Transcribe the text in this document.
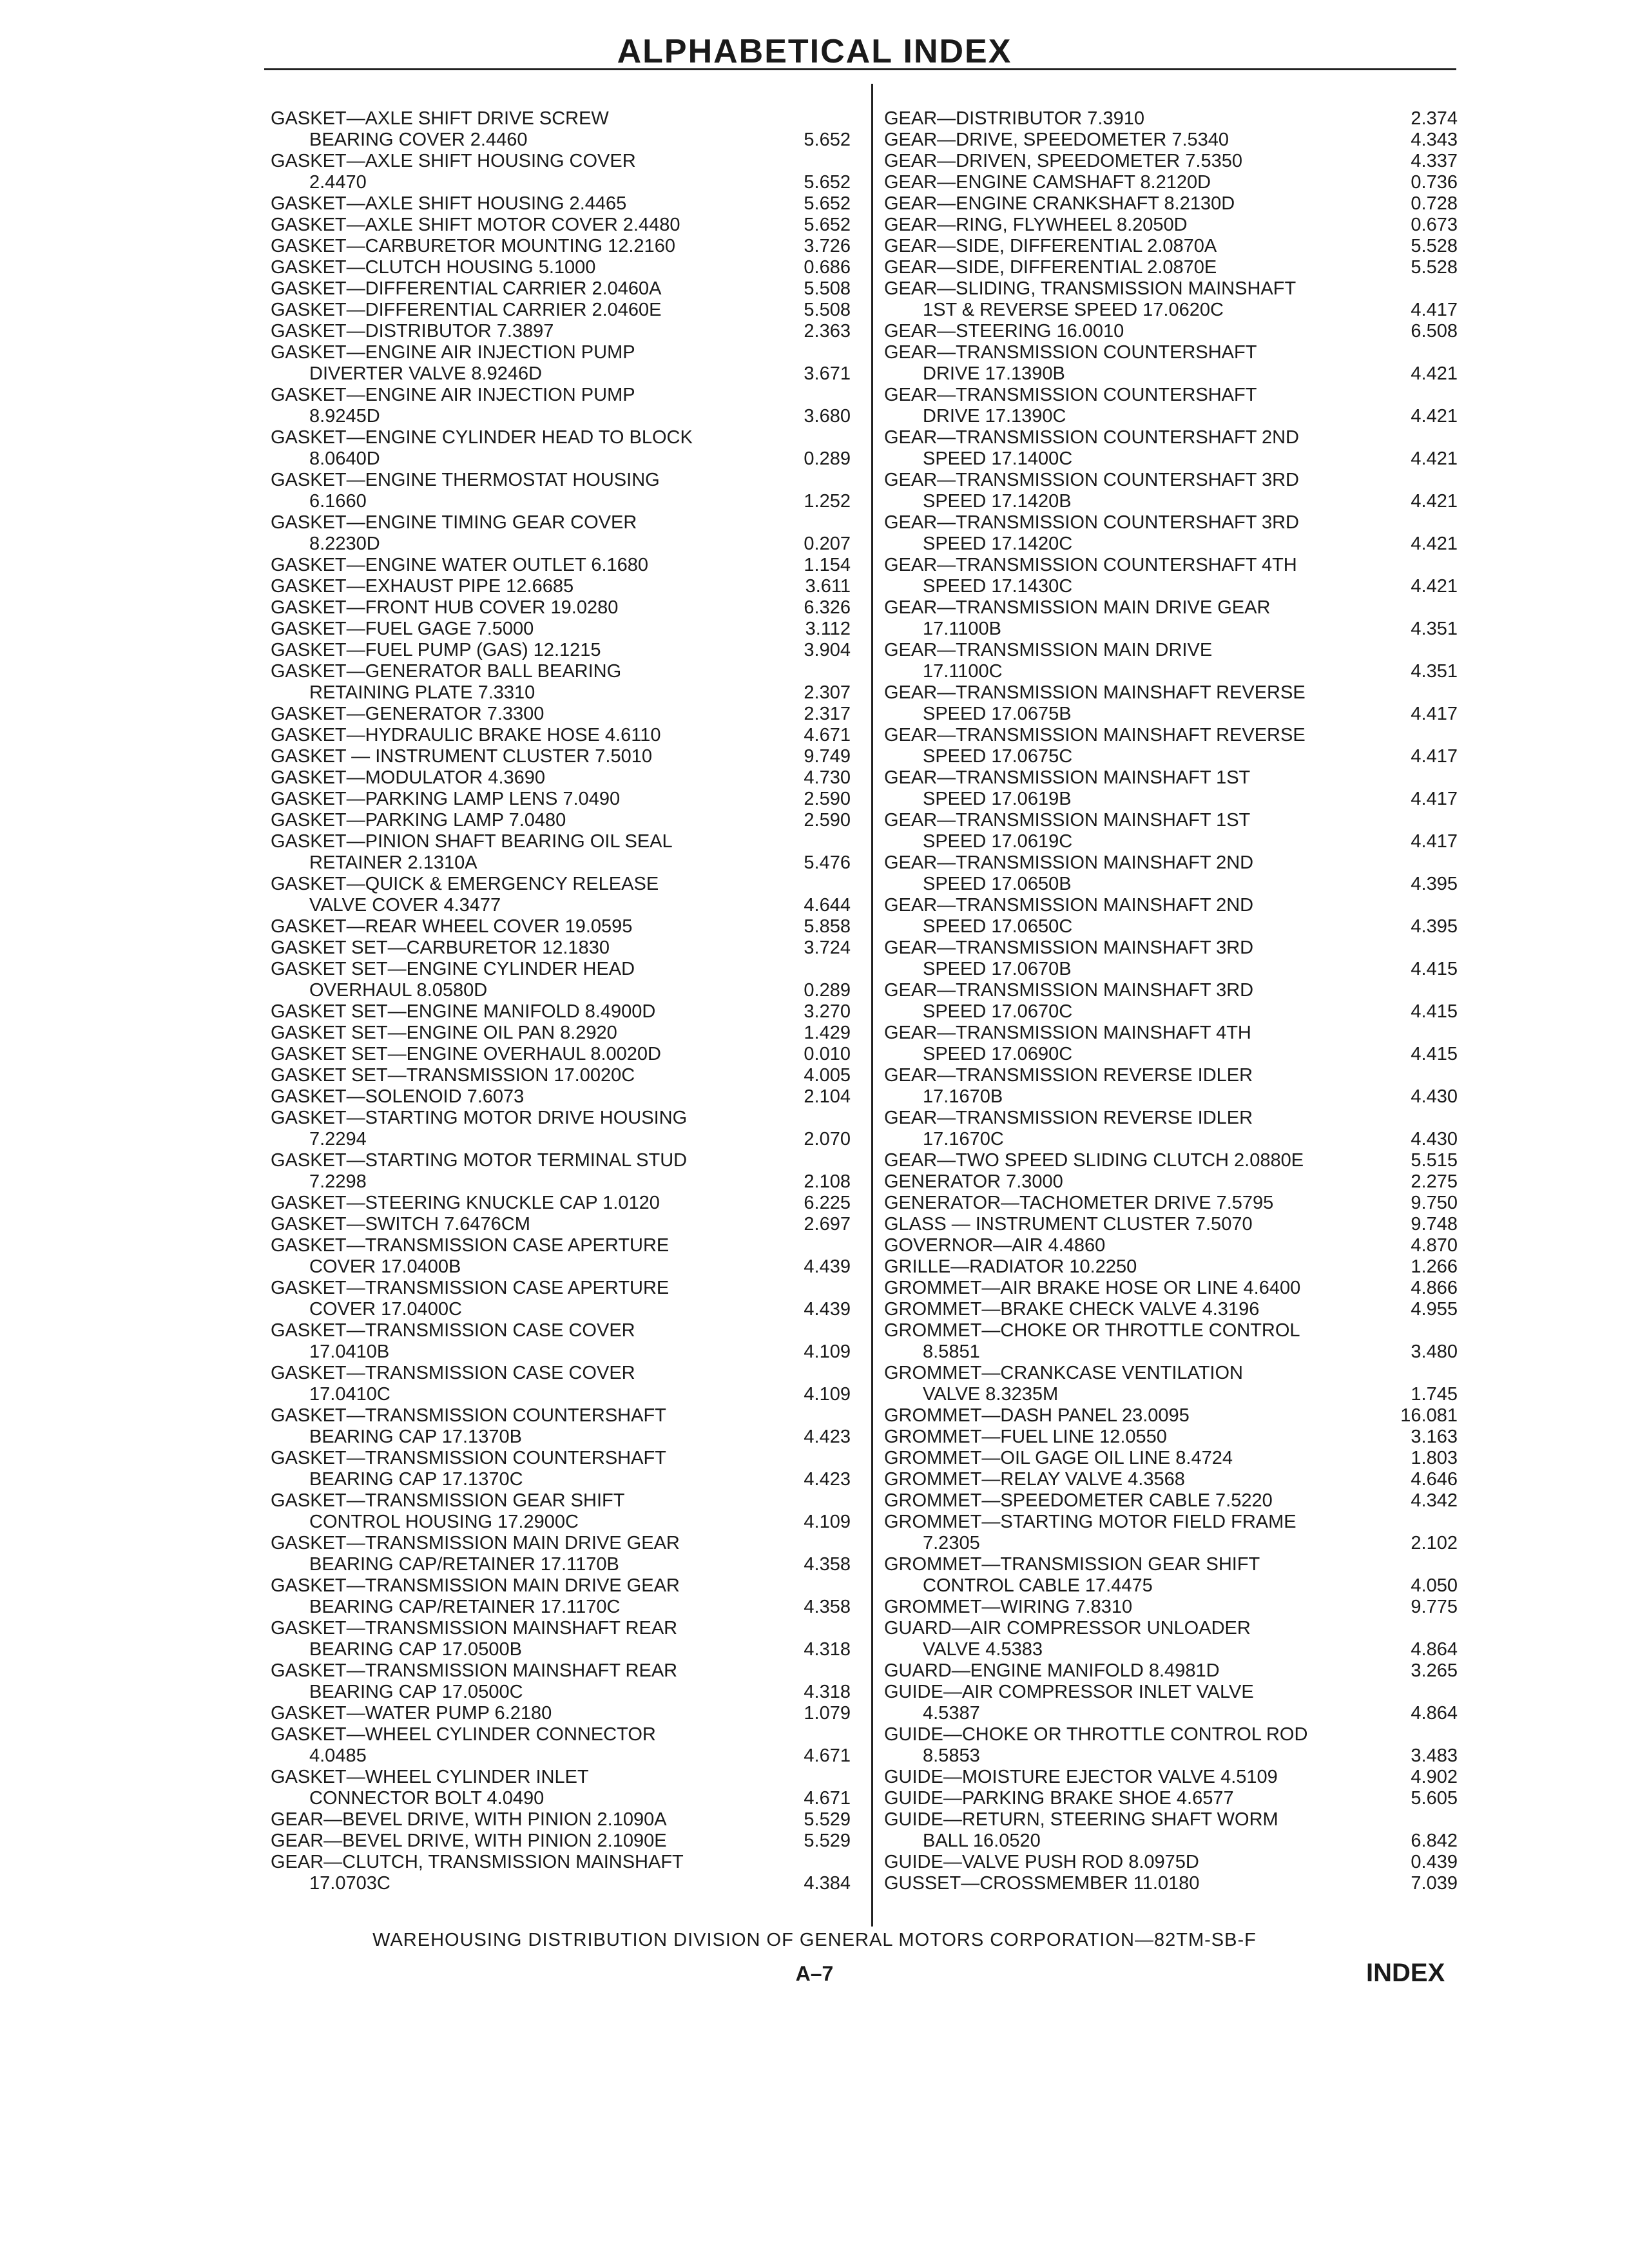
ALPHABETICAL INDEX
GASKET—AXLE SHIFT DRIVE SCREW
BEARING COVER 2.4460	5.652
GASKET—AXLE SHIFT HOUSING COVER
2.4470	5.652
GASKET—AXLE SHIFT HOUSING 2.4465	5.652
GASKET—AXLE SHIFT MOTOR COVER 2.4480	5.652
GASKET—CARBURETOR MOUNTING 12.2160	3.726
GASKET—CLUTCH HOUSING 5.1000	0.686
GASKET—DIFFERENTIAL CARRIER 2.0460A	5.508
GASKET—DIFFERENTIAL CARRIER 2.0460E	5.508
GASKET—DISTRIBUTOR 7.3897	2.363
GASKET—ENGINE AIR INJECTION PUMP
DIVERTER VALVE 8.9246D	3.671
GASKET—ENGINE AIR INJECTION PUMP
8.9245D	3.680
GASKET—ENGINE CYLINDER HEAD TO BLOCK
8.0640D	0.289
GASKET—ENGINE THERMOSTAT HOUSING
6.1660	1.252
GASKET—ENGINE TIMING GEAR COVER
8.2230D	0.207
GASKET—ENGINE WATER OUTLET 6.1680	1.154
GASKET—EXHAUST PIPE 12.6685	3.611
GASKET—FRONT HUB COVER 19.0280	6.326
GASKET—FUEL GAGE 7.5000	3.112
GASKET—FUEL PUMP (GAS) 12.1215	3.904
GASKET—GENERATOR BALL BEARING
RETAINING PLATE 7.3310	2.307
GASKET—GENERATOR 7.3300	2.317
GASKET—HYDRAULIC BRAKE HOSE 4.6110	4.671
GASKET — INSTRUMENT CLUSTER 7.5010	9.749
GASKET—MODULATOR 4.3690	4.730
GASKET—PARKING LAMP LENS 7.0490	2.590
GASKET—PARKING LAMP 7.0480	2.590
GASKET—PINION SHAFT BEARING OIL SEAL
RETAINER 2.1310A	5.476
GASKET—QUICK & EMERGENCY RELEASE
VALVE COVER 4.3477	4.644
GASKET—REAR WHEEL COVER 19.0595	5.858
GASKET SET—CARBURETOR 12.1830	3.724
GASKET SET—ENGINE CYLINDER HEAD
OVERHAUL 8.0580D	0.289
GASKET SET—ENGINE MANIFOLD 8.4900D	3.270
GASKET SET—ENGINE OIL PAN 8.2920	1.429
GASKET SET—ENGINE OVERHAUL 8.0020D	0.010
GASKET SET—TRANSMISSION 17.0020C	4.005
GASKET—SOLENOID 7.6073	2.104
GASKET—STARTING MOTOR DRIVE HOUSING
7.2294	2.070
GASKET—STARTING MOTOR TERMINAL STUD
7.2298	2.108
GASKET—STEERING KNUCKLE CAP 1.0120	6.225
GASKET—SWITCH 7.6476CM	2.697
GASKET—TRANSMISSION CASE APERTURE
COVER 17.0400B	4.439
GASKET—TRANSMISSION CASE APERTURE
COVER 17.0400C	4.439
GASKET—TRANSMISSION CASE COVER
17.0410B	4.109
GASKET—TRANSMISSION CASE COVER
17.0410C	4.109
GASKET—TRANSMISSION COUNTERSHAFT
BEARING CAP 17.1370B	4.423
GASKET—TRANSMISSION COUNTERSHAFT
BEARING CAP 17.1370C	4.423
GASKET—TRANSMISSION GEAR SHIFT
CONTROL HOUSING 17.2900C	4.109
GASKET—TRANSMISSION MAIN DRIVE GEAR
BEARING CAP/RETAINER 17.1170B	4.358
GASKET—TRANSMISSION MAIN DRIVE GEAR
BEARING CAP/RETAINER 17.1170C	4.358
GASKET—TRANSMISSION MAINSHAFT REAR
BEARING CAP 17.0500B	4.318
GASKET—TRANSMISSION MAINSHAFT REAR
BEARING CAP 17.0500C	4.318
GASKET—WATER PUMP 6.2180	1.079
GASKET—WHEEL CYLINDER CONNECTOR
4.0485	4.671
GASKET—WHEEL CYLINDER INLET
CONNECTOR BOLT 4.0490	4.671
GEAR—BEVEL DRIVE, WITH PINION 2.1090A	5.529
GEAR—BEVEL DRIVE, WITH PINION 2.1090E	5.529
GEAR—CLUTCH, TRANSMISSION MAINSHAFT
17.0703C	4.384
GEAR—DISTRIBUTOR 7.3910	2.374
GEAR—DRIVE, SPEEDOMETER 7.5340	4.343
GEAR—DRIVEN, SPEEDOMETER 7.5350	4.337
GEAR—ENGINE CAMSHAFT 8.2120D	0.736
GEAR—ENGINE CRANKSHAFT 8.2130D	0.728
GEAR—RING, FLYWHEEL 8.2050D	0.673
GEAR—SIDE, DIFFERENTIAL 2.0870A	5.528
GEAR—SIDE, DIFFERENTIAL 2.0870E	5.528
GEAR—SLIDING, TRANSMISSION MAINSHAFT
1ST & REVERSE SPEED 17.0620C	4.417
GEAR—STEERING 16.0010	6.508
GEAR—TRANSMISSION COUNTERSHAFT
DRIVE 17.1390B	4.421
GEAR—TRANSMISSION COUNTERSHAFT
DRIVE 17.1390C	4.421
GEAR—TRANSMISSION COUNTERSHAFT 2ND
SPEED 17.1400C	4.421
GEAR—TRANSMISSION COUNTERSHAFT 3RD
SPEED 17.1420B	4.421
GEAR—TRANSMISSION COUNTERSHAFT 3RD
SPEED 17.1420C	4.421
GEAR—TRANSMISSION COUNTERSHAFT 4TH
SPEED 17.1430C	4.421
GEAR—TRANSMISSION MAIN DRIVE GEAR
17.1100B	4.351
GEAR—TRANSMISSION MAIN DRIVE
17.1100C	4.351
GEAR—TRANSMISSION MAINSHAFT REVERSE
SPEED 17.0675B	4.417
GEAR—TRANSMISSION MAINSHAFT REVERSE
SPEED 17.0675C	4.417
GEAR—TRANSMISSION MAINSHAFT 1ST
SPEED 17.0619B	4.417
GEAR—TRANSMISSION MAINSHAFT 1ST
SPEED 17.0619C	4.417
GEAR—TRANSMISSION MAINSHAFT 2ND
SPEED 17.0650B	4.395
GEAR—TRANSMISSION MAINSHAFT 2ND
SPEED 17.0650C	4.395
GEAR—TRANSMISSION MAINSHAFT 3RD
SPEED 17.0670B	4.415
GEAR—TRANSMISSION MAINSHAFT 3RD
SPEED 17.0670C	4.415
GEAR—TRANSMISSION MAINSHAFT 4TH
SPEED 17.0690C	4.415
GEAR—TRANSMISSION REVERSE IDLER
17.1670B	4.430
GEAR—TRANSMISSION REVERSE IDLER
17.1670C	4.430
GEAR—TWO SPEED SLIDING CLUTCH 2.0880E	5.515
GENERATOR 7.3000	2.275
GENERATOR—TACHOMETER DRIVE 7.5795	9.750
GLASS — INSTRUMENT CLUSTER 7.5070	9.748
GOVERNOR—AIR 4.4860	4.870
GRILLE—RADIATOR 10.2250	1.266
GROMMET—AIR BRAKE HOSE OR LINE 4.6400	4.866
GROMMET—BRAKE CHECK VALVE 4.3196	4.955
GROMMET—CHOKE OR THROTTLE CONTROL
8.5851	3.480
GROMMET—CRANKCASE VENTILATION
VALVE 8.3235M	1.745
GROMMET—DASH PANEL 23.0095	16.081
GROMMET—FUEL LINE 12.0550	3.163
GROMMET—OIL GAGE OIL LINE 8.4724	1.803
GROMMET—RELAY VALVE 4.3568	4.646
GROMMET—SPEEDOMETER CABLE 7.5220	4.342
GROMMET—STARTING MOTOR FIELD FRAME
7.2305	2.102
GROMMET—TRANSMISSION GEAR SHIFT
CONTROL CABLE 17.4475	4.050
GROMMET—WIRING 7.8310	9.775
GUARD—AIR COMPRESSOR UNLOADER
VALVE 4.5383	4.864
GUARD—ENGINE MANIFOLD 8.4981D	3.265
GUIDE—AIR COMPRESSOR INLET VALVE
4.5387	4.864
GUIDE—CHOKE OR THROTTLE CONTROL ROD
8.5853	3.483
GUIDE—MOISTURE EJECTOR VALVE 4.5109	4.902
GUIDE—PARKING BRAKE SHOE 4.6577	5.605
GUIDE—RETURN, STEERING SHAFT WORM
BALL 16.0520	6.842
GUIDE—VALVE PUSH ROD 8.0975D	0.439
GUSSET—CROSSMEMBER 11.0180	7.039
WAREHOUSING DISTRIBUTION DIVISION OF GENERAL MOTORS CORPORATION—82TM-SB-F
A–7	INDEX
